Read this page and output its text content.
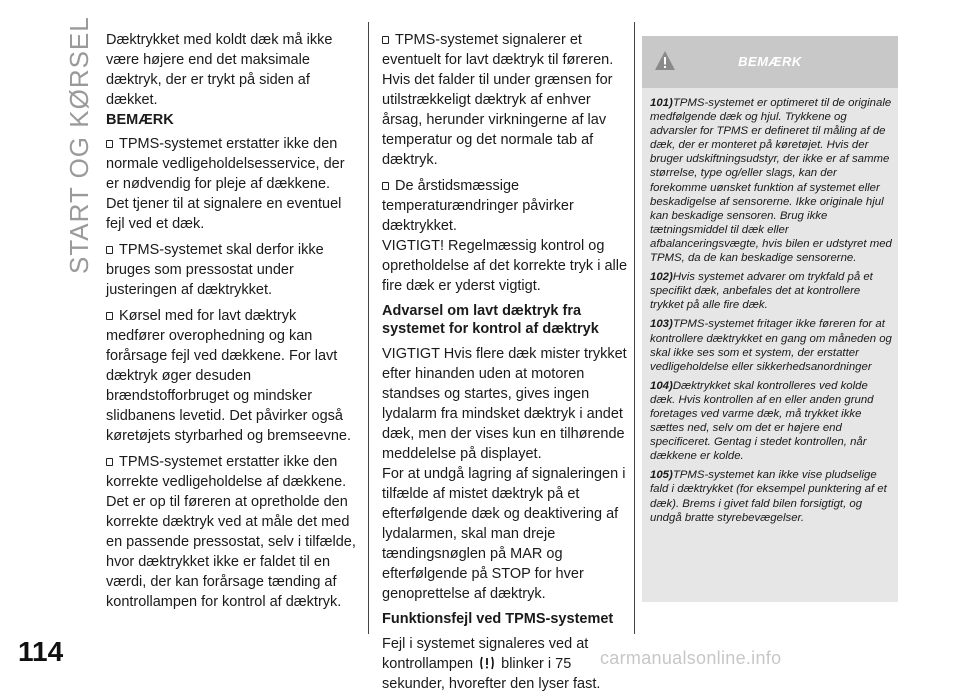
START OG KØRSEL
114

Dæktrykket med koldt dæk må ikke være højere end det maksimale dæktryk, der er trykt på siden af dækket.

BEMÆRK

TPMS-systemet erstatter ikke den normale vedligeholdelsesservice, der er nødvendig for pleje af dækkene. Det tjener til at signalere en eventuel fejl ved et dæk.

TPMS-systemet skal derfor ikke bruges som pressostat under justeringen af dæktrykket.

Kørsel med for lavt dæktryk medfører overophedning og kan forårsage fejl ved dækkene. For lavt dæktryk øger desuden brændstofforbruget og mindsker slidbanens levetid. Det påvirker også køretøjets styrbarhed og bremseevne.

TPMS-systemet erstatter ikke den korrekte vedligeholdelse af dækkene. Det er op til føreren at opretholde den korrekte dæktryk ved at måle det med en passende pressostat, selv i tilfælde, hvor dæktrykket ikke er faldet til en værdi, der kan forårsage tænding af kontrollampen for kontrol af dæktryk.

TPMS-systemet signalerer et eventuelt for lavt dæktryk til føreren. Hvis det falder til under grænsen for utilstrækkeligt dæktryk af enhver årsag, herunder virkningerne af lav temperatur og det normale tab af dæktryk.

De årstidsmæssige temperaturændringer påvirker dæktrykket.

VIGTIGT! Regelmæssig kontrol og opretholdelse af det korrekte tryk i alle fire dæk er yderst vigtigt.

Advarsel om lavt dæktryk fra systemet for kontrol af dæktryk

VIGTIGT Hvis flere dæk mister trykket efter hinanden uden at motoren standses og startes, gives ingen lydalarm fra mindsket dæktryk i andet dæk, men der vises kun en tilhørende meddelelse på displayet.

For at undgå lagring af signaleringen i tilfælde af mistet dæktryk på et efterfølgende dæk og deaktivering af lydalarmen, skal man dreje tændingsnøglen på MAR og efterfølgende på STOP for hver genoprettelse af dæktryk.

Funktionsfejl ved TPMS-systemet

Fejl i systemet signaleres ved at kontrollampen blinker i 75 sekunder, hvorefter den lyser fast.

BEMÆRK

101)TPMS-systemet er optimeret til de originale medfølgende dæk og hjul. Trykkene og advarsler for TPMS er defineret til måling af de dæk, der er monteret på køretøjet. Hvis der bruger udskiftningsudstyr, der ikke er af samme størrelse, type og/eller slags, kan der forekomme uønsket funktion af systemet eller beskadigelse af sensorerne. Ikke originale hjul kan beskadige sensoren. Brug ikke tætningsmiddel til dæk eller afbalanceringsvægte, hvis bilen er udstyret med TPMS, da de kan beskadige sensorerne.

102)Hvis systemet advarer om trykfald på et specifikt dæk, anbefales det at kontrollere trykket på alle fire dæk.

103)TPMS-systemet fritager ikke føreren for at kontrollere dæktrykket en gang om måneden og skal ikke ses som et system, der erstatter vedligeholdelse eller sikkerhedsanordninger

104)Dæktrykket skal kontrolleres ved kolde dæk. Hvis kontrollen af en eller anden grund foretages ved varme dæk, må trykket ikke sættes ned, selv om det er højere end specificeret. Gentag i stedet kontrollen, når dækkene er kolde.

105)TPMS-systemet kan ikke vise pludselige fald i dæktrykket (for eksempel punktering af et dæk). Brems i givet fald bilen forsigtigt, og undgå bratte styrebevægelser.

carmanualsonline.info
